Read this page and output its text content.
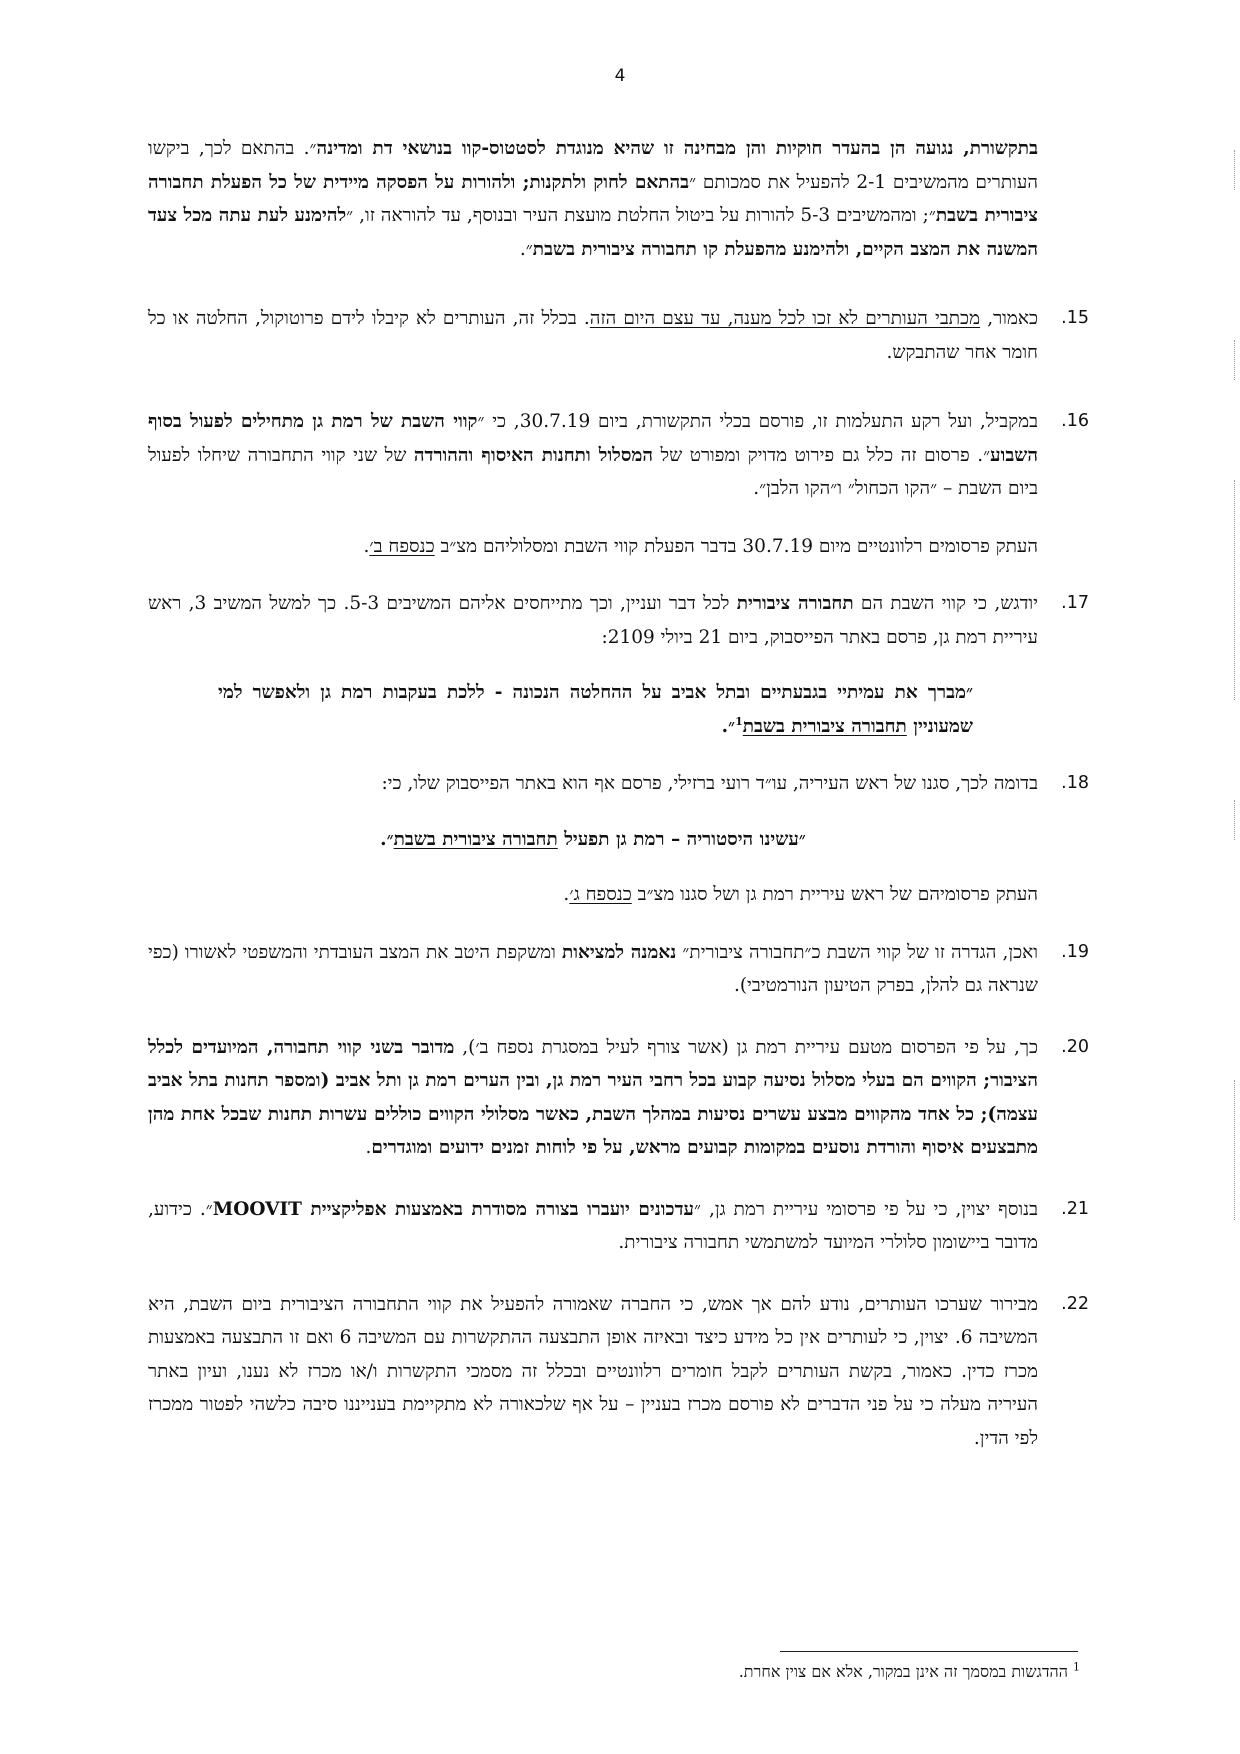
4

בתקשורת, נגועה הן בהעדר חוקיות והן מבחינה זו שהיא מנוגדת לסטטוס-קוו בנושאי דת ומדינה״. בהתאם לכך, ביקשו העותרים מהמשיבים 2-1 להפעיל את סמכותם ״בהתאם לחוק ולתקנות; ולהורות על הפסקה מיידית של כל הפעלת תחבורה ציבורית בשבת״; ומהמשיבים 5-3 להורות על ביטול החלטת מועצת העיר ובנוסף, עד להוראה זו, ״להימנע לעת עתה מכל צעד המשנה את המצב הקיים, ולהימנע מהפעלת קו תחבורה ציבורית בשבת״.

.15
כאמור, מכתבי העותרים לא זכו לכל מענה, עד עצם היום הזה. בכלל זה, העותרים לא קיבלו לידם פרוטוקול, החלטה או כל חומר אחר שהתבקש.

.16
במקביל, ועל רקע התעלמות זו, פורסם בכלי התקשורת, ביום 30.7.19, כי ״קווי השבת של רמת גן מתחילים לפעול בסוף השבוע״. פרסום זה כלל גם פירוט מדויק ומפורט של המסלול ותחנות האיסוף וההורדה של שני קווי התחבורה שיחלו לפעול ביום השבת – ״הקו הכחול״ ו״הקו הלבן״.

העתק פרסומים רלוונטיים מיום 30.7.19 בדבר הפעלת קווי השבת ומסלוליהם מצ״ב כנספח ב׳.

.17
יודגש, כי קווי השבת הם תחבורה ציבורית לכל דבר ועניין, וכך מתייחסים אליהם המשיבים 5-3. כך למשל המשיב 3, ראש עיריית רמת גן, פרסם באתר הפייסבוק, ביום 21 ביולי 2109:

״מברך את עמיתיי בגבעתיים ובתל אביב על ההחלטה הנכונה - ללכת בעקבות רמת גן ולאפשר למי שמעוניין תחבורה ציבורית בשבת$^1$״.

.18
בדומה לכך, סגנו של ראש העיריה, עו״ד רועי ברזילי, פרסם אף הוא באתר הפייסבוק שלו, כי:

״עשינו היסטוריה – רמת גן תפעיל תחבורה ציבורית בשבת״.

העתק פרסומיהם של ראש עיריית רמת גן ושל סגנו מצ״ב כנספח ג׳.

.19
ואכן, הגדרה זו של קווי השבת כ״תחבורה ציבורית״ נאמנה למציאות ומשקפת היטב את המצב העובדתי והמשפטי לאשורו (כפי שנראה גם להלן, בפרק הטיעון הנורמטיבי).

.20
כך, על פי הפרסום מטעם עיריית רמת גן (אשר צורף לעיל במסגרת נספח ב׳), מדובר בשני קווי תחבורה, המיועדים לכלל הציבור; הקווים הם בעלי מסלול נסיעה קבוע בכל רחבי העיר רמת גן, ובין הערים רמת גן ותל אביב (ומספר תחנות בתל אביב עצמה); כל אחד מהקווים מבצע עשרים נסיעות במהלך השבת, כאשר מסלולי הקווים כוללים עשרות תחנות שבכל אחת מהן מתבצעים איסוף והורדת נוסעים במקומות קבועים מראש, על פי לוחות זמנים ידועים ומוגדרים.

.21
בנוסף יצוין, כי על פי פרסומי עיריית רמת גן, ״עדכונים יועברו בצורה מסודרת באמצעות אפליקציית MOOVIT״. כידוע, מדובר ביישומון סלולרי המיועד למשתמשי תחבורה ציבורית.

.22
מבירור שערכו העותרים, נודע להם אך אמש, כי החברה שאמורה להפעיל את קווי התחבורה הציבורית ביום השבת, היא המשיבה 6. יצוין, כי לעותרים אין כל מידע כיצד ובאיזה אופן התבצעה ההתקשרות עם המשיבה 6 ואם זו התבצעה באמצעות מכרז כדין. כאמור, בקשת העותרים לקבל חומרים רלוונטיים ובכלל זה מסמכי התקשרות ו/או מכרז לא נענו, ועיון באתר העיריה מעלה כי על פני הדברים לא פורסם מכרז בעניין – על אף שלכאורה לא מתקיימת בענייננו סיבה כלשהי לפטור ממכרז לפי הדין.

$^1$ ההדגשות במסמך זה אינן במקור, אלא אם צוין אחרת.
